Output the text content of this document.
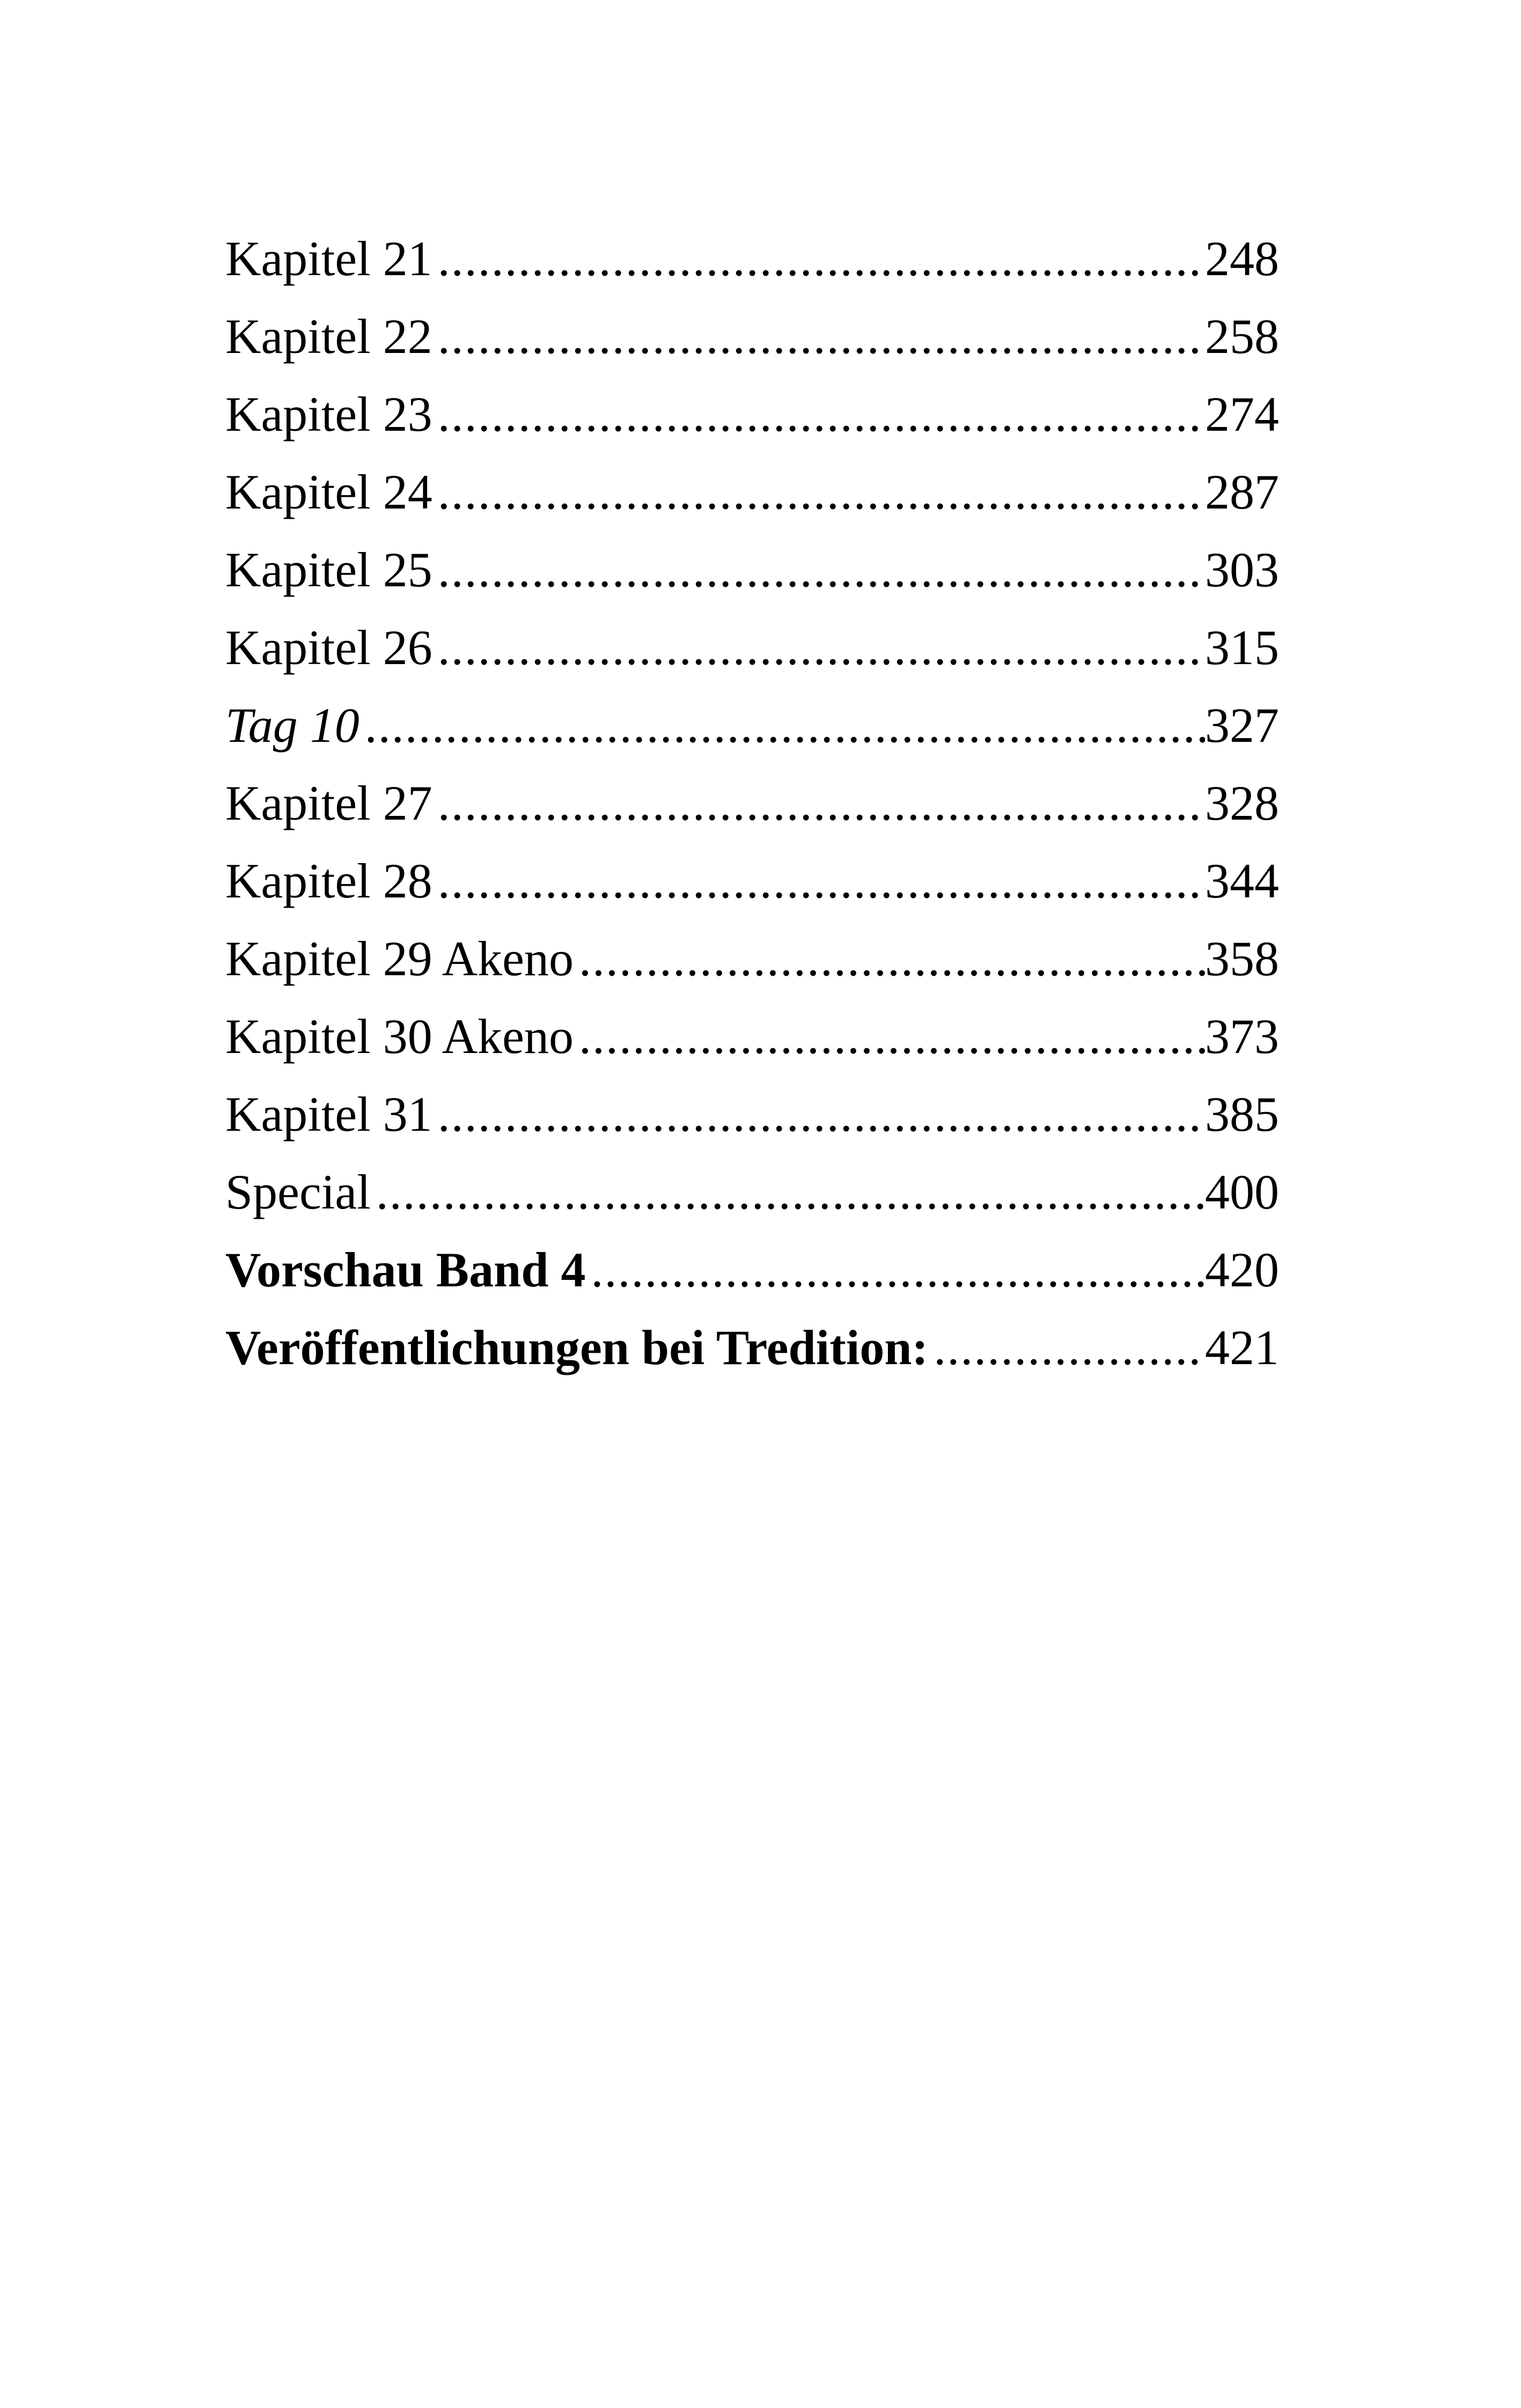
Kapitel 21 .....	248
Kapitel 22 .....	258
Kapitel 23 .....	274
Kapitel 24 .....	287
Kapitel 25 .....	303
Kapitel 26 .....	315
Tag 10 .....	327
Kapitel 27 .....	328
Kapitel 28 .....	344
Kapitel 29 Akeno .....	358
Kapitel 30 Akeno .....	373
Kapitel 31 .....	385
Special .....	400
Vorschau Band 4 .....	420
Veröffentlichungen bei Tredition: .....	421
